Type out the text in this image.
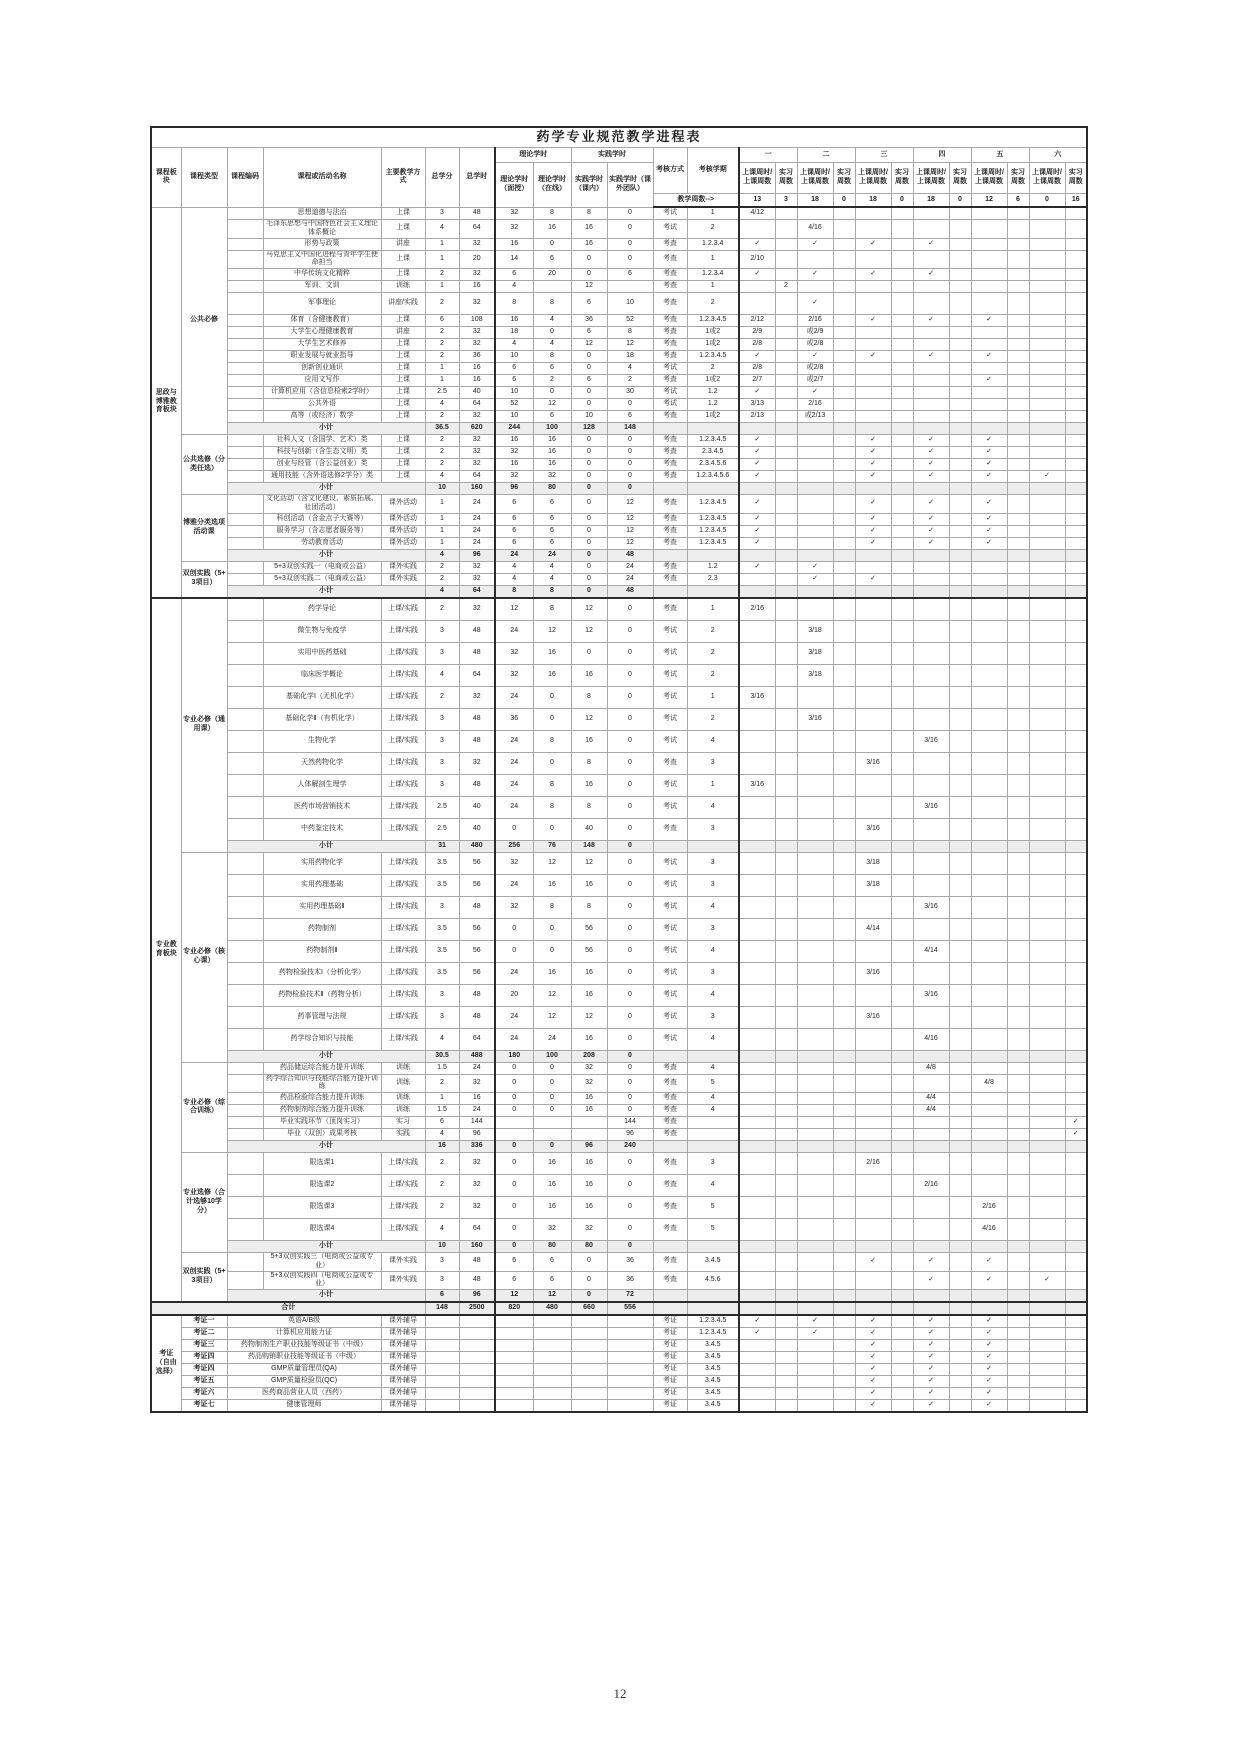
药学专业规范教学进程表																								
课程板块	课程类型	课程编码	课程或活动名称	主要教学方式	总学分	总学时	理论学时		实践学时		考核方式	考核学期	一		二		三		四		五		六	
							理论学时（面授）	理论学时（在线）	实践学时（课内）	实践学时（课外团队）			上课周时/上课周数	实习周数	上课周时/上课周数	实习周数	上课周时/上课周数	实习周数	上课周时/上课周数	实习周数	上课周时/上课周数	实习周数	上课周时/上课周数	实习周数
											教学周数-->		13	3	18	0	18	0	18	0	12	6	0	16
思政与博雅教育板块	公共必修		思想道德与法治	上课	3	48	32	8	8	0	考试	1	4/12											
			毛泽东思想与中国特色社会主义理论体系概论	上课	4	64	32	16	16	0	考试	2			4/16									
			形势与政策	讲座	1	32	16	0	16	0	考查	1.2.3.4	✓		✓		✓		✓					
			马克思主义中国化进程与青年学生使命担当	上课	1	20	14	6	0	0	考查	1	2/10											
			中华传统文化精粹	上课	2	32	6	20	0	6	考查	1.2.3.4	✓		✓		✓		✓					
			军训、文训	训练	1	16	4		12		考查	1		2										
			军事理论	讲座/实践	2	32	8	8	6	10	考查	2			✓									
			体育（含健康教育）	上课	6	108	16	4	36	52	考查	1.2.3.4.5	2/12		2/16		✓		✓		✓			
			大学生心理健康教育	讲座	2	32	18	0	6	8	考查	1或2	2/9		或2/9									
			大学生艺术修养	上课	2	32	4	4	12	12	考查	1或2	2/8		或2/8									
			职业发展与就业指导	上课	2	36	10	8	0	18	考查	1.2.3.4.5	✓		✓		✓		✓		✓			
			创新创业通识	上课	1	16	6	6	0	4	考试	2	2/8		或2/8									
			应用文写作	上课	1	16	6	2	6	2	考查	1或2	2/7		或2/7						✓			
			计算机应用（含信息检索2学时）	上课	2.5	40	10	0	0	30	考试	1.2	✓		✓									
			公共外语	上课	4	64	52	12	0	0	考试	1.2	3/13		2/16									
			高等（或经济）数学	上课	2	32	10	6	10	6	考查	1或2	2/13		或2/13									
		小计			36.5	620	244	100	128	148														
	公共选修（分类任选）		社科人文（含国学、艺术）类	上课	2	32	16	16	0	0	考查	1.2.3.4.5	✓				✓		✓		✓			
			科技与创新（含生态文明）类	上课	2	32	32	16	0	0	考查	2.3.4.5	✓				✓		✓		✓			
			创业与经管（含公益创业）类	上课	2	32	16	16	0	0	考查	2.3.4.5.6	✓				✓		✓		✓			
			通用技能（含外语选修2学分）类	上课	4	64	32	32	0	0	考查	1.2.3.4.5.6	✓				✓		✓		✓		✓	
		小计			10	160	96	80	0	0														
	博雅分类选项活动课		文化活动（含文化建设、素质拓展、社团活动）	课外活动	1	24	6	6	0	12	考查	1.2.3.4.5	✓				✓		✓		✓			
			科创活动（含金点子大赛等）	课外活动	1	24	6	6	0	12	考查	1.2.3.4.5	✓				✓		✓		✓			
			服务学习（含志愿者服务等）	课外活动	1	24	6	6	0	12	考查	1.2.3.4.5	✓				✓		✓		✓			
			劳动教育活动	课外活动	1	24	6	6	0	12	考查	1.2.3.4.5	✓				✓		✓		✓			
		小计			4	96	24	24	0	48														
	双创实践（5+3项目）		5+3双创实践一（电商或公益）	课外实践	2	32	4	4	0	24	考查	1.2	✓		✓									
			5+3双创实践二（电商或公益）	课外实践	2	32	4	4	0	24	考查	2.3			✓		✓							
		小计			4	64	8	8	0	48														
专业教育板块	专业必修（通用课）		药学导论	上课/实践	2	32	12	8	12	0	考查	1	2/16											
			微生物与免疫学	上课/实践	3	48	24	12	12	0	考试	2			3/18									
			实用中医药基础	上课/实践	3	48	32	16	0	0	考试	2			3/18									
			临床医学概论	上课/实践	4	64	32	16	16	0	考试	2			3/18									
			基础化学I（无机化学）	上课/实践	2	32	24	0	8	0	考试	1	3/16											
			基础化学Ⅱ（有机化学）	上课/实践	3	48	36	0	12	0	考试	2			3/16									
			生物化学	上课/实践	3	48	24	8	16	0	考试	4							3/16					
			天然药物化学	上课/实践	3	32	24	0	8	0	考查	3					3/16							
			人体解剖生理学	上课/实践	3	48	24	8	16	0	考试	1	3/16											
			医药市场营销技术	上课/实践	2.5	40	24	8	8	0	考试	4							3/16					
			中药鉴定技术	上课/实践	2.5	40	0	0	40	0	考查	3					3/16							
		小计			31	480	256	76	148	0														
	专业必修（核心课）		实用药物化学	上课/实践	3.5	56	32	12	12	0	考试	3					3/18							
			实用药理基础	上课/实践	3.5	56	24	16	16	0	考试	3					3/18							
			实用药理基础Ⅱ	上课/实践	3	48	32	8	8	0	考试	4							3/16					
			药物制剂	上课/实践	3.5	56	0	0	56	0	考试	3					4/14							
			药物制剂Ⅱ	上课/实践	3.5	56	0	0	56	0	考试	4							4/14					
			药物检验技术I（分析化学）	上课/实践	3.5	56	24	16	16	0	考试	3					3/16							
			药物检验技术Ⅱ（药物分析）	上课/实践	3	48	20	12	16	0	考试	4							3/16					
			药事管理与法规	上课/实践	3	48	24	12	12	0	考试	3					3/16							
			药学综合知识与技能	上课/实践	4	64	24	24	16	0	考试	4							4/16					
		小计			30.5	488	180	100	208	0														
	专业必修（综合训练）		药品储运综合能力提升训练	训练	1.5	24	0	0	32	0	考查	4							4/8					
			药学综合知识与技能综合能力提升训练	训练	2	32	0	0	32	0	考查	5									4/8			
			药品检验综合能力提升训练	训练	1	16	0	0	16	0	考查	4							4/4					
			药物制剂综合能力提升训练	训练	1.5	24	0	0	16	0	考查	4							4/4					
			毕业实践环节（顶岗实习）	实习	6	144				144	考查													✓
			毕业（双创）成果考核	实践	4	96				96	考查													✓
		小计			16	336	0	0	96	240														
	专业选修（合计选够10学分）		限选课1	上课/实践	2	32	0	16	16	0	考查	3					2/16							
			限选课2	上课/实践	2	32	0	16	16	0	考查	4							2/16					
			限选课3	上课/实践	2	32	0	16	16	0	考查	5									2/16			
			限选课4	上课/实践	4	64	0	32	32	0	考查	5									4/16			
		小计			10	160	0	80	80	0														
	双创实践（5+3项目）		5+3双创实践三（电商或公益或专业）	课外实践	3	48	6	6	0	36	考查	3.4.5					✓		✓		✓			
			5+3双创实践四（电商或公益或专业）	课外实践	3	48	6	6	0	36	考查	4.5.6							✓		✓		✓	
		小计			6	96	12	12	0	72														
合计					148	2500	820	480	660	556														
考证（自由选择）	考证一	英语A/B级		课外辅导							考证	1.2.3.4.5	✓		✓		✓		✓		✓			
	考证二	计算机应用能力证		课外辅导							考证	1.2.3.4.5	✓		✓		✓		✓		✓			
	考证三	药物制剂生产职业技能等级证书（中级）		课外辅导							考证	3.4.5					✓		✓		✓			
	考证四	药品购销职业技能等级证书（中级）		课外辅导							考证	3.4.5					✓		✓		✓			
	考证四	GMP质量管理员(QA)		课外辅导							考证	3.4.5					✓		✓		✓			
	考证五	GMP质量检验员(QC)		课外辅导							考证	3.4.5					✓		✓		✓			
	考证六	医药商品营业人员（西药）		课外辅导							考证	3.4.5					✓		✓		✓			
	考证七	健康管理师		课外辅导							考证	3.4.5					✓		✓		✓			
12
